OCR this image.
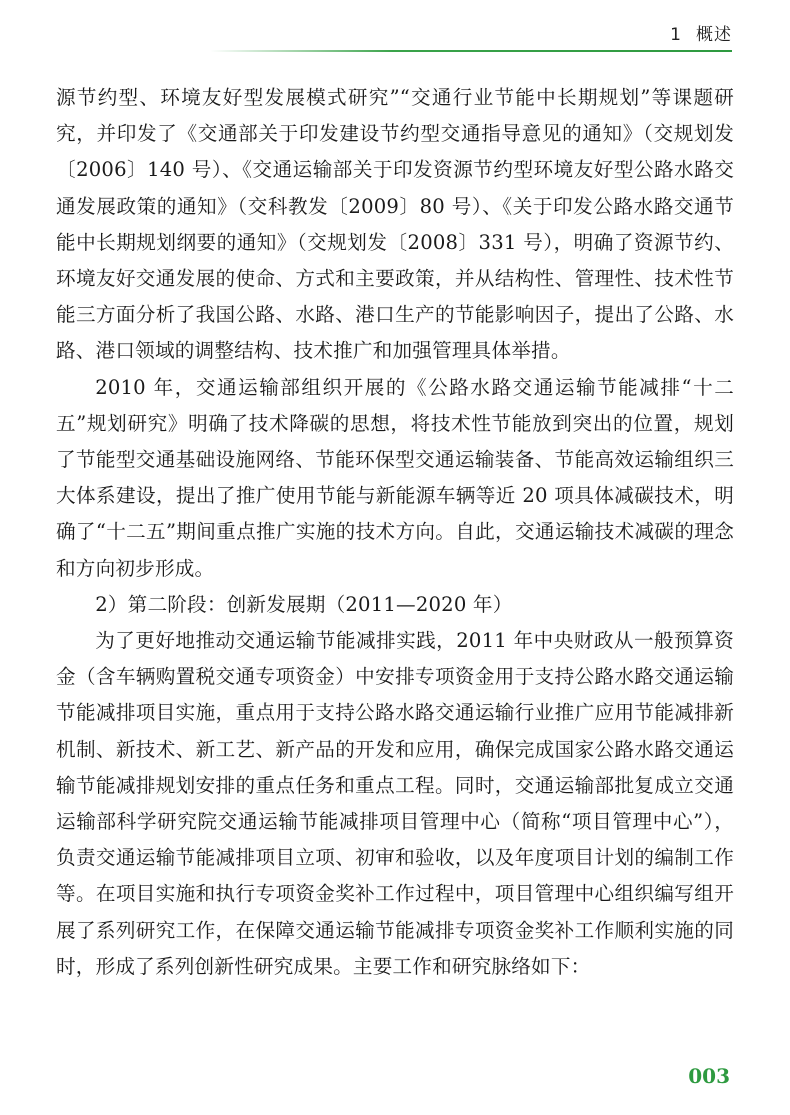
1 概述

源节约型、环境友好型发展模式研究”“交通行业节能中长期规划”等课题研究，并印发了《交通部关于印发建设节约型交通指导意见的通知》（交规划发〔2006〕140 号）、《交通运输部关于印发资源节约型环境友好型公路水路交通发展政策的通知》（交科教发〔2009〕80 号）、《关于印发公路水路交通节能中长期规划纲要的通知》（交规划发〔2008〕331 号），明确了资源节约、环境友好交通发展的使命、方式和主要政策，并从结构性、管理性、技术性节能三方面分析了我国公路、水路、港口生产的节能影响因子，提出了公路、水路、港口领域的调整结构、技术推广和加强管理具体举措。

2010 年，交通运输部组织开展的《公路水路交通运输节能减排“十二五”规划研究》明确了技术降碳的思想，将技术性节能放到突出的位置，规划了节能型交通基础设施网络、节能环保型交通运输装备、节能高效运输组织三大体系建设，提出了推广使用节能与新能源车辆等近 20 项具体减碳技术，明确了“十二五”期间重点推广实施的技术方向。自此，交通运输技术减碳的理念和方向初步形成。

2）第二阶段：创新发展期（2011—2020 年）

为了更好地推动交通运输节能减排实践，2011 年中央财政从一般预算资金（含车辆购置税交通专项资金）中安排专项资金用于支持公路水路交通运输节能减排项目实施，重点用于支持公路水路交通运输行业推广应用节能减排新机制、新技术、新工艺、新产品的开发和应用，确保完成国家公路水路交通运输节能减排规划安排的重点任务和重点工程。同时，交通运输部批复成立交通运输部科学研究院交通运输节能减排项目管理中心（简称“项目管理中心”），负责交通运输节能减排项目立项、初审和验收，以及年度项目计划的编制工作等。在项目实施和执行专项资金奖补工作过程中，项目管理中心组织编写组开展了系列研究工作，在保障交通运输节能减排专项资金奖补工作顺利实施的同时，形成了系列创新性研究成果。主要工作和研究脉络如下：

003
